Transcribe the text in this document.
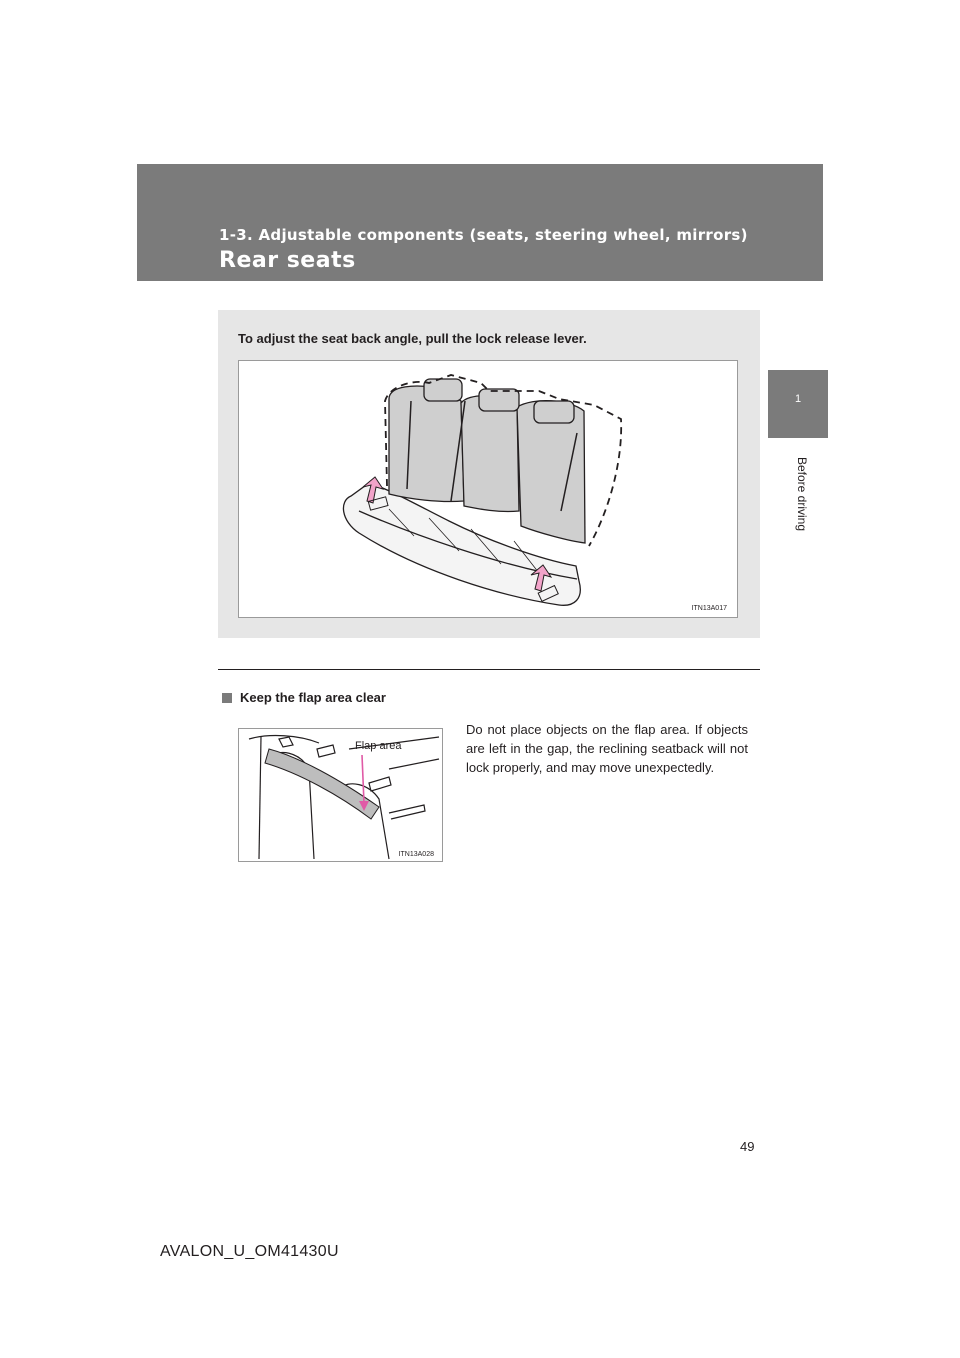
1-3. Adjustable components (seats, steering wheel, mirrors)
Rear seats
1
Before driving
To adjust the seat back angle, pull the lock release lever.
ITN13A017
Keep the flap area clear
Flap area
ITN13A028
Do not place objects on the flap area. If objects are left in the gap, the reclining seatback will not lock properly, and may move unexpectedly.
49
AVALON_U_OM41430U
